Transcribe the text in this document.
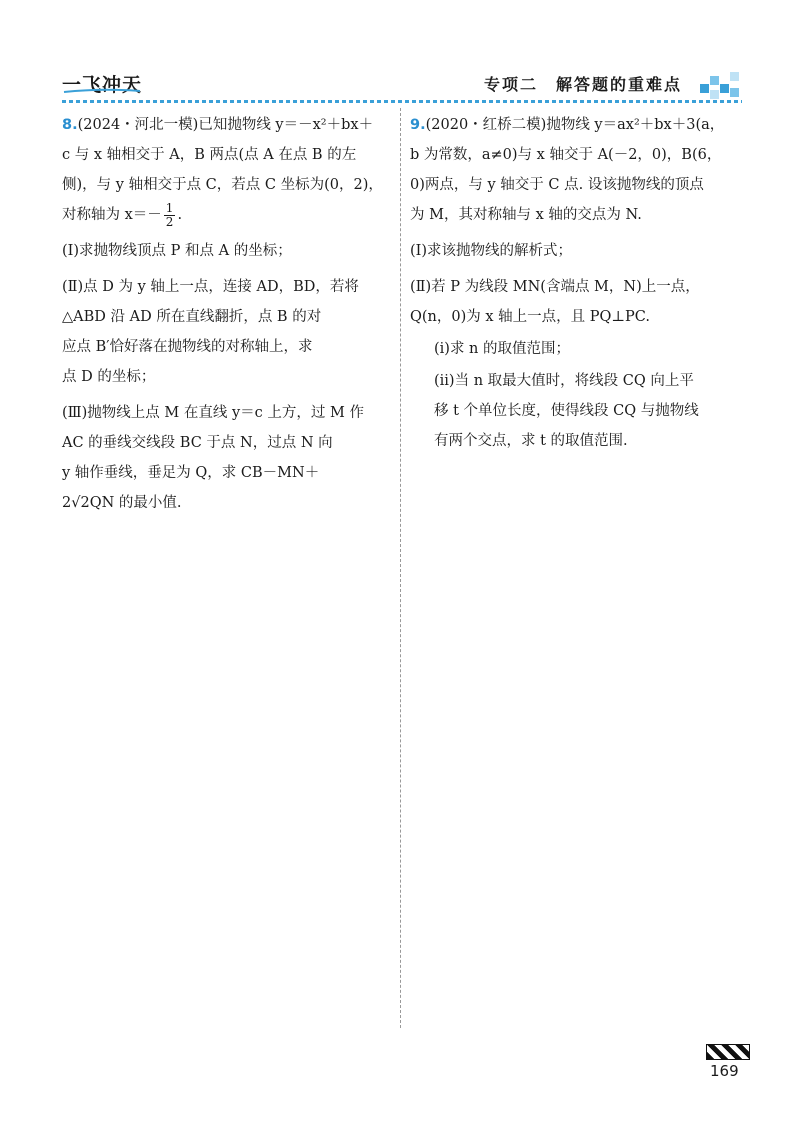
一飞冲天	专项二　解答题的重难点

8.(2024・河北一模)已知抛物线 y＝－x²＋bx＋
c 与 x 轴相交于 A，B 两点(点 A 在点 B 的左
侧)，与 y 轴相交于点 C，若点 C 坐标为(0，2)，
对称轴为 $x=- \frac{1}{2}$ .

(Ⅰ)求抛物线顶点 P 和点 A 的坐标；

(Ⅱ)点 D 为 y 轴上一点，连接 AD，BD，若将
△ABD 沿 AD 所在直线翻折，点 B 的对
应点 B′恰好落在抛物线的对称轴上，求
点 D 的坐标；

(Ⅲ)抛物线上点 M 在直线 y＝c 上方，过 M 作
AC 的垂线交线段 BC 于点 N，过点 N 向
y 轴作垂线，垂足为 Q，求 CB－MN＋
2√2QN 的最小值.

9.(2020・红桥二模)抛物线 y＝ax²＋bx＋3(a，
b 为常数，a≠0)与 x 轴交于 A(－2，0)，B(6，
0)两点，与 y 轴交于 C 点. 设该抛物线的顶点
为 M，其对称轴与 x 轴的交点为 N.

(Ⅰ)求该抛物线的解析式；

(Ⅱ)若 P 为线段 MN(含端点 M，N)上一点，
Q(n，0)为 x 轴上一点，且 PQ⊥PC.

(ⅰ)求 n 的取值范围；

(ⅱ)当 n 取最大值时，将线段 CQ 向上平
移 t 个单位长度，使得线段 CQ 与抛物线
有两个交点，求 t 的取值范围.

169
